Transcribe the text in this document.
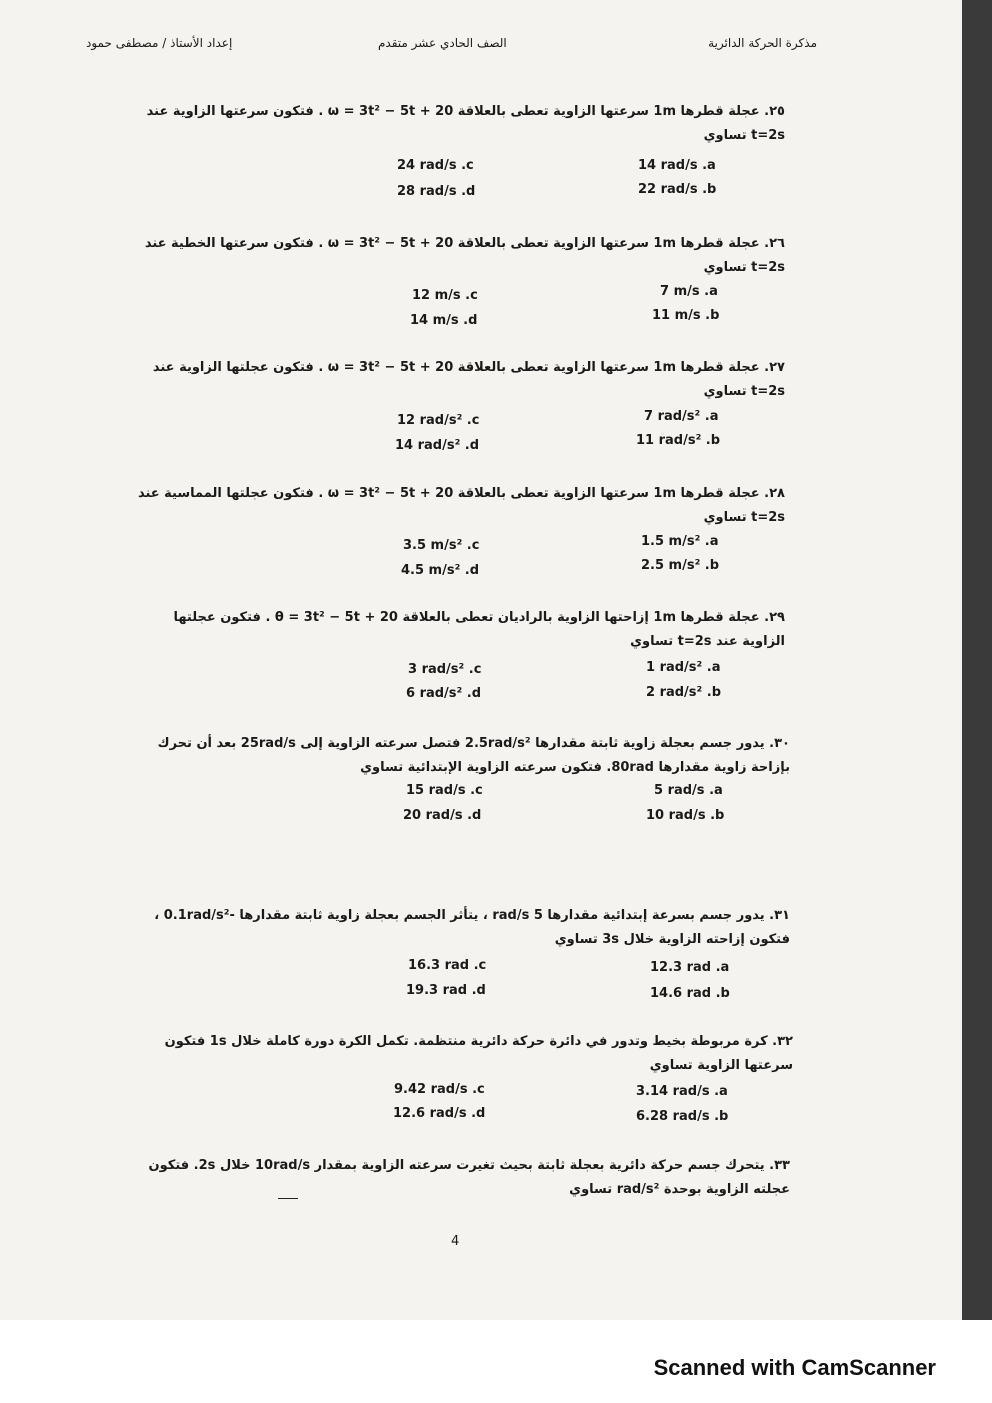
مذكرة الحركة الدائرية
الصف الحادي عشر متقدم
إعداد الأستاذ / مصطفى حمود
٢٥. عجلة قطرها 1m سرعتها الزاوية تعطى بالعلاقة ω = 3t² − 5t + 20 . فتكون سرعتها الزاوية عند t=2s تساوي
14 rad/s .a
22 rad/s .b
24 rad/s .c
28 rad/s .d
٢٦. عجلة قطرها 1m سرعتها الزاوية تعطى بالعلاقة ω = 3t² − 5t + 20 . فتكون سرعتها الخطية عند t=2s تساوي
7 m/s .a
11 m/s .b
12 m/s .c
14 m/s .d
٢٧. عجلة قطرها 1m سرعتها الزاوية تعطى بالعلاقة ω = 3t² − 5t + 20 . فتكون عجلتها الزاوية عند t=2s تساوي
7 rad/s² .a
11 rad/s² .b
12 rad/s² .c
14 rad/s² .d
٢٨. عجلة قطرها 1m سرعتها الزاوية تعطى بالعلاقة ω = 3t² − 5t + 20 . فتكون عجلتها المماسية عند t=2s تساوي
1.5 m/s² .a
2.5 m/s² .b
3.5 m/s² .c
4.5 m/s² .d
٢٩. عجلة قطرها 1m إزاحتها الزاوية بالراديان تعطى بالعلاقة θ = 3t² − 5t + 20 . فتكون عجلتها الزاوية عند t=2s تساوي
1 rad/s² .a
2 rad/s² .b
3 rad/s² .c
6 rad/s² .d
٣٠. يدور جسم بعجلة زاوية ثابتة مقدارها 2.5rad/s² فتصل سرعته الزاوية إلى 25rad/s بعد أن تحرك بإزاحة زاوية مقدارها 80rad. فتكون سرعته الزاوية الإبتدائية تساوي
5 rad/s .a
10 rad/s .b
15 rad/s .c
20 rad/s .d
٣١. يدور جسم بسرعة إبتدائية مقدارها 5 rad/s ، يتأثر الجسم بعجلة زاوية ثابتة مقدارها -0.1rad/s² ، فتكون إزاحته الزاوية خلال 3s تساوي
12.3 rad .a
14.6 rad .b
16.3 rad .c
19.3 rad .d
٣٢. كرة مربوطة بخيط وتدور في دائرة حركة دائرية منتظمة. تكمل الكرة دورة كاملة خلال 1s فتكون سرعتها الزاوية تساوي
3.14 rad/s .a
6.28 rad/s .b
9.42 rad/s .c
12.6 rad/s .d
٣٣. يتحرك جسم حركة دائرية بعجلة ثابتة بحيث تغيرت سرعته الزاوية بمقدار 10rad/s خلال 2s. فتكون عجلته الزاوية بوحدة rad/s² تساوي
4
Scanned with CamScanner
